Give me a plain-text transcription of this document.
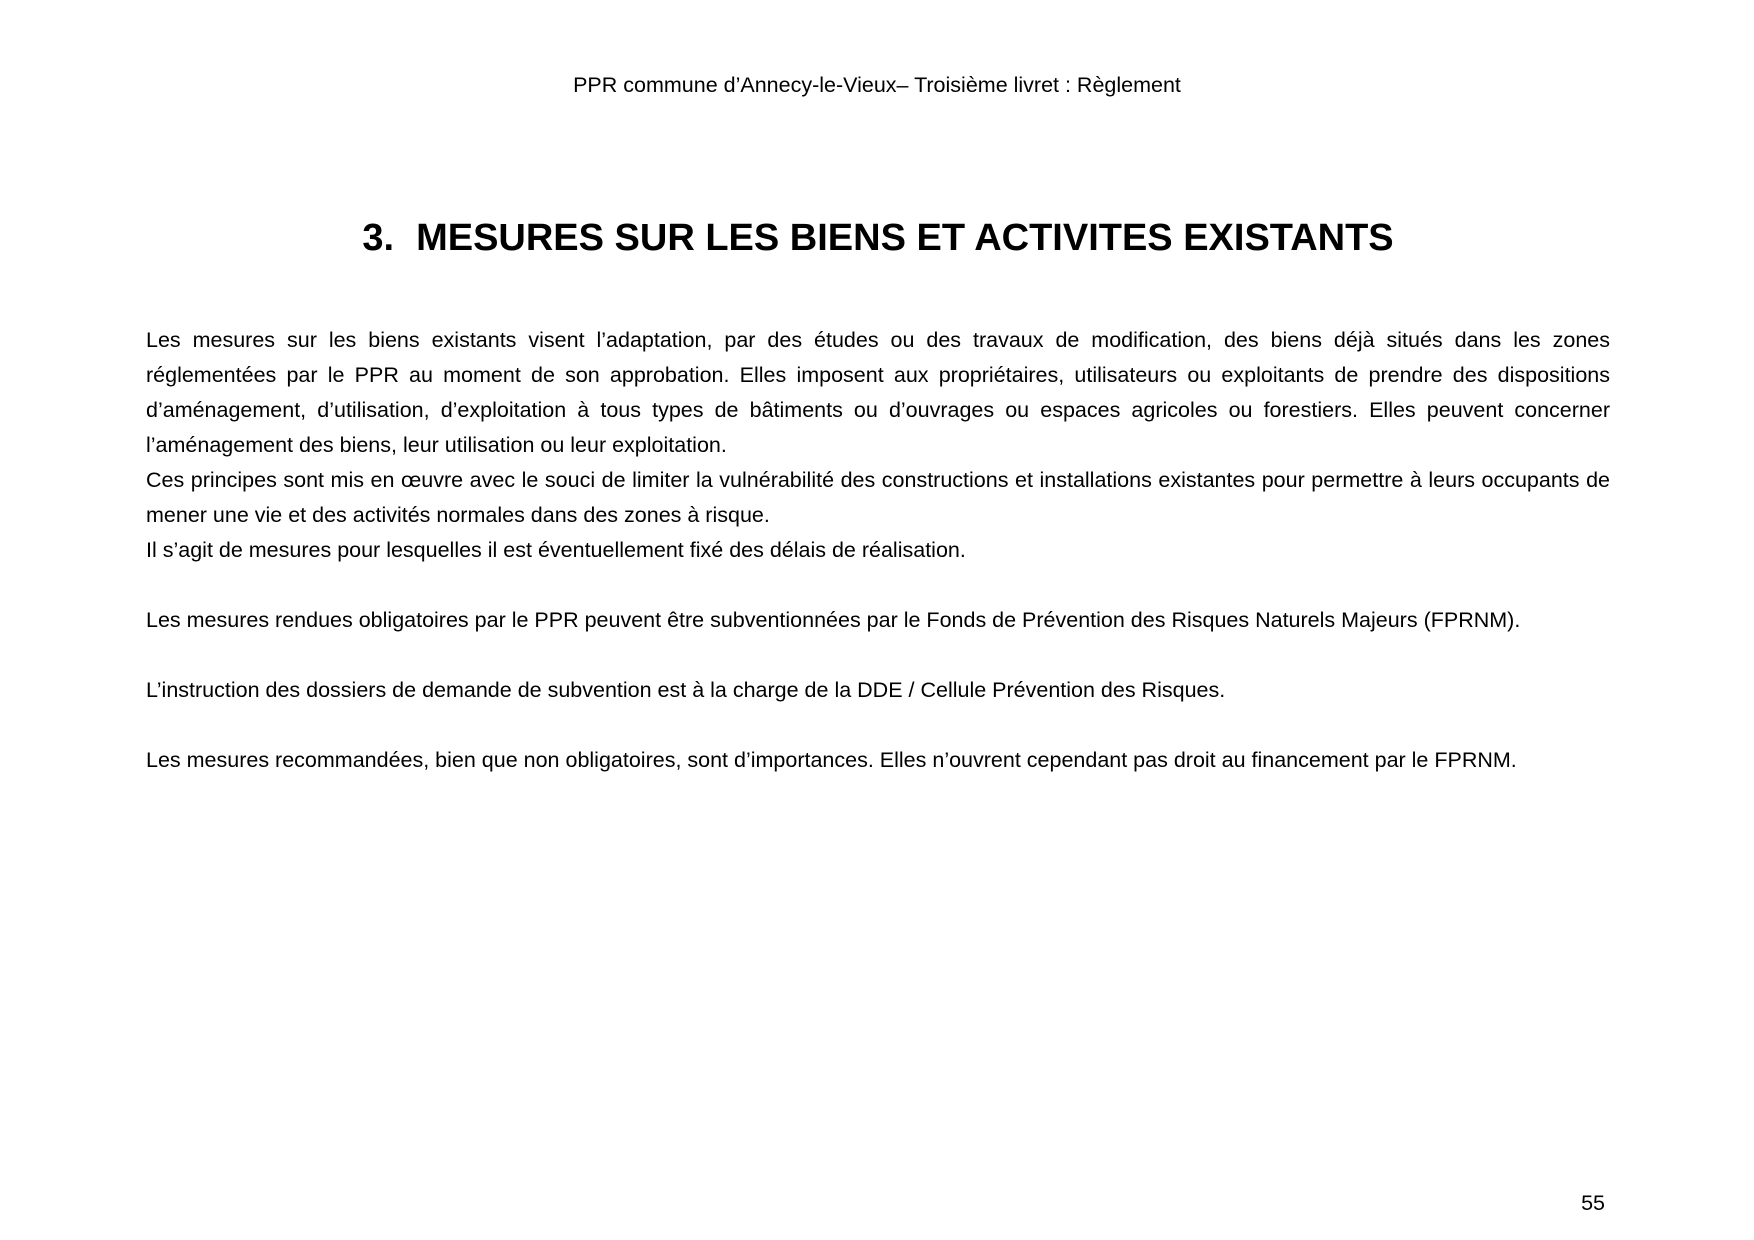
PPR commune d’Annecy-le-Vieux– Troisième livret : Règlement
3. MESURES SUR LES BIENS ET ACTIVITES EXISTANTS

Les mesures sur les biens existants visent l’adaptation, par des études ou des travaux de modification, des biens déjà situés dans les zones réglementées par le PPR au moment de son approbation. Elles imposent aux propriétaires, utilisateurs ou exploitants de prendre des dispositions d’aménagement, d’utilisation, d’exploitation à tous types de bâtiments ou d’ouvrages ou espaces agricoles ou forestiers. Elles peuvent concerner l’aménagement des biens, leur utilisation ou leur exploitation.

Ces principes sont mis en œuvre avec le souci de limiter la vulnérabilité des constructions et installations existantes pour permettre à leurs occupants de mener une vie et des activités normales dans des zones à risque.

Il s’agit de mesures pour lesquelles il est éventuellement fixé des délais de réalisation.

Les mesures rendues obligatoires par le PPR peuvent être subventionnées par le Fonds de Prévention des Risques Naturels Majeurs (FPRNM).

L’instruction des dossiers de demande de subvention est à la charge de la DDE / Cellule Prévention des Risques.

Les mesures recommandées, bien que non obligatoires, sont d’importances. Elles n’ouvrent cependant pas droit au financement par le FPRNM.

55
